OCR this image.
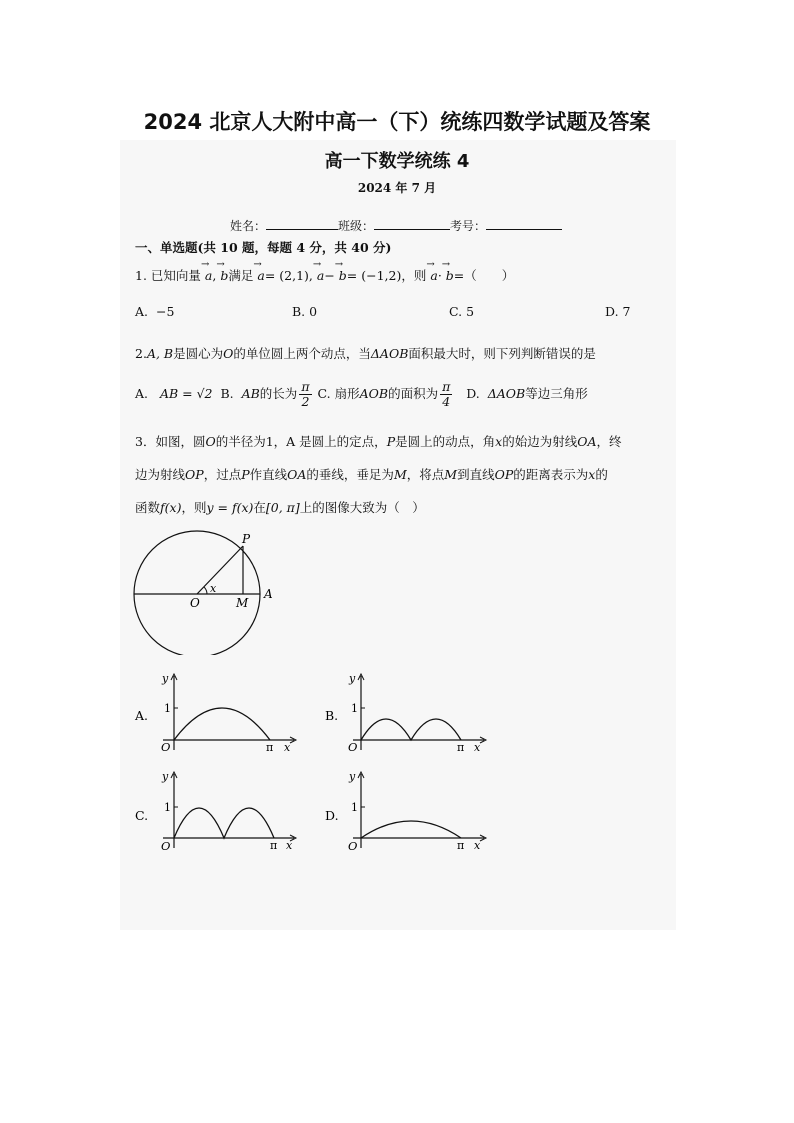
2024 北京人大附中高一（下）统练四数学试题及答案
高一下数学统练 4
2024 年 7 月
姓名：	班级：	考号：
一、单选题(共 10 题，每题 4 分，共 40 分)
1. 已知向量
→
a,
→
b满足
→
a= (2,1),
→
a−
→
b= (−1,2)，则
→
a·
→
b=（　　）
A. −5	B. 0	C. 5	D. 7
2.A, B是圆心为O的单位圆上两个动点，当ΔAOB面积最大时，则下列判断错误的是
A. AB = √2 B. AB的长为 $\frac{\pi}{2} C$. 扇形AOB的面积为 $\frac{\pi}{4} D$. ΔAOB等边三角形
3．如图，圆O的半径为1，A 是圆上的定点，P是圆上的动点，角x的始边为射线OA，终
边为射线OP，过点P作直线OA的垂线，垂足为M，将点M到直线OP的距离表示为x的
函数f(x)，则y = f(x)在[0, π]上的图像大致为（　）
P
O	M
A
x
A.
y
1
O	π x
B.
y
1
O	π x
C.
y
1
O	π x
D.
y
1
O	π x
